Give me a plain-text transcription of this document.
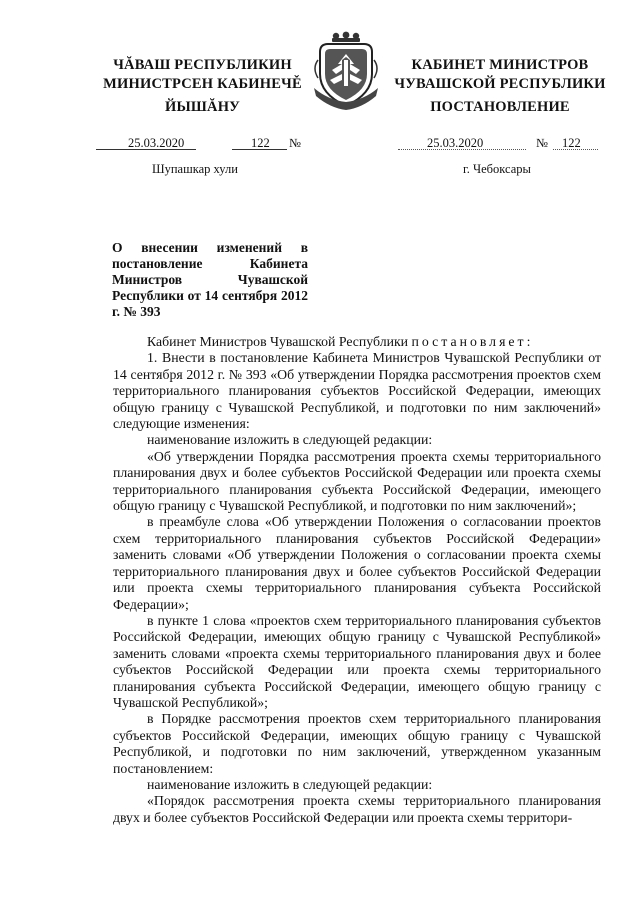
ЧĂВАШ РЕСПУБЛИКИН
МИНИСТРСЕН КАБИНЕЧĚ
ЙЫШĂНУ
КАБИНЕТ МИНИСТРОВ
ЧУВАШСКОЙ РЕСПУБЛИКИ
ПОСТАНОВЛЕНИЕ
25.03.2020	122 №	25.03.2020	№ 122
Шупашкар хули	г. Чебоксары
О внесении изменений в постановление Кабинета Министров Чувашской Республики от 14 сентября 2012 г. № 393

Кабинет Министров Чувашской Республики постановляет:

1. Внести в постановление Кабинета Министров Чувашской Республики от 14 сентября 2012 г. № 393 «Об утверждении Порядка рассмотрения проектов схем территориального планирования субъектов Российской Федерации, имеющих общую границу с Чувашской Республикой, и подготовки по ним заключений» следующие изменения:

наименование изложить в следующей редакции:

«Об утверждении Порядка рассмотрения проекта схемы территориального планирования двух и более субъектов Российской Федерации или проекта схемы территориального планирования субъекта Российской Федерации, имеющего общую границу с Чувашской Республикой, и подготовки по ним заключений»;

в преамбуле слова «Об утверждении Положения о согласовании проектов схем территориального планирования субъектов Российской Федерации» заменить словами «Об утверждении Положения о согласовании проекта схемы территориального планирования двух и более субъектов Российской Федерации или проекта схемы территориального планирования субъекта Российской Федерации»;

в пункте 1 слова «проектов схем территориального планирования субъектов Российской Федерации, имеющих общую границу с Чувашской Республикой» заменить словами «проекта схемы территориального планирования двух и более субъектов Российской Федерации или проекта схемы территориального планирования субъекта Российской Федерации, имеющего общую границу с Чувашской Республикой»;

в Порядке рассмотрения проектов схем территориального планирования субъектов Российской Федерации, имеющих общую границу с Чувашской Республикой, и подготовки по ним заключений, утвержденном указанным постановлением:

наименование изложить в следующей редакции:

«Порядок рассмотрения проекта схемы территориального планирования двух и более субъектов Российской Федерации или проекта схемы территори-
